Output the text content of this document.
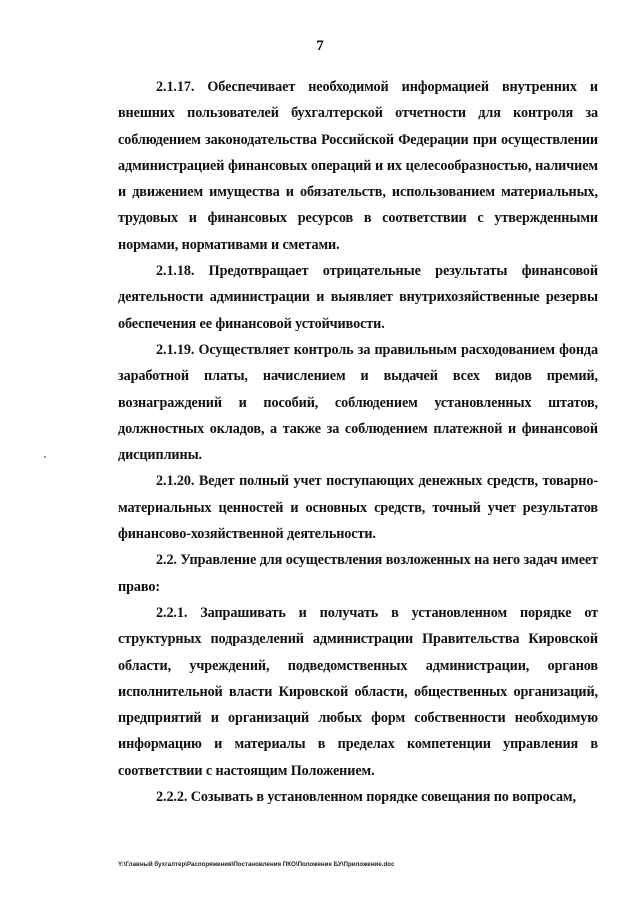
7

2.1.17. Обеспечивает необходимой информацией внутренних и внешних пользователей бухгалтерской отчетности для контроля за соблюдением законодательства Российской Федерации при осуществлении администрацией финансовых операций и их целесообразностью, наличием и движением имущества и обязательств, использованием материальных, трудовых и финансовых ресурсов в соответствии с утвержденными нормами, нормативами и сметами.

2.1.18. Предотвращает отрицательные результаты финансовой деятельности администрации и выявляет внутрихозяйственные резервы обеспечения ее финансовой устойчивости.

2.1.19. Осуществляет контроль за правильным расходованием фонда заработной платы, начислением и выдачей всех видов премий, вознаграждений и пособий, соблюдением установленных штатов, должностных окладов, а также за соблюдением платежной и финансовой дисциплины.

2.1.20. Ведет полный учет поступающих денежных средств, товарно-материальных ценностей и основных средств, точный учет результатов финансово-хозяйственной деятельности.

2.2. Управление для осуществления возложенных на него задач имеет право:

2.2.1. Запрашивать и получать в установленном порядке от структурных подразделений администрации Правительства Кировской области, учреждений, подведомственных администрации, органов исполнительной власти Кировской области, общественных организаций, предприятий и организаций любых форм собственности необходимую информацию и материалы в пределах компетенции управления в соответствии с настоящим Положением.

2.2.2. Созывать в установленном порядке совещания по вопросам,

Y:\Главный бухгалтер\Распоряжения\Постановления ПКО\Положение БУ\Приложение.doc
